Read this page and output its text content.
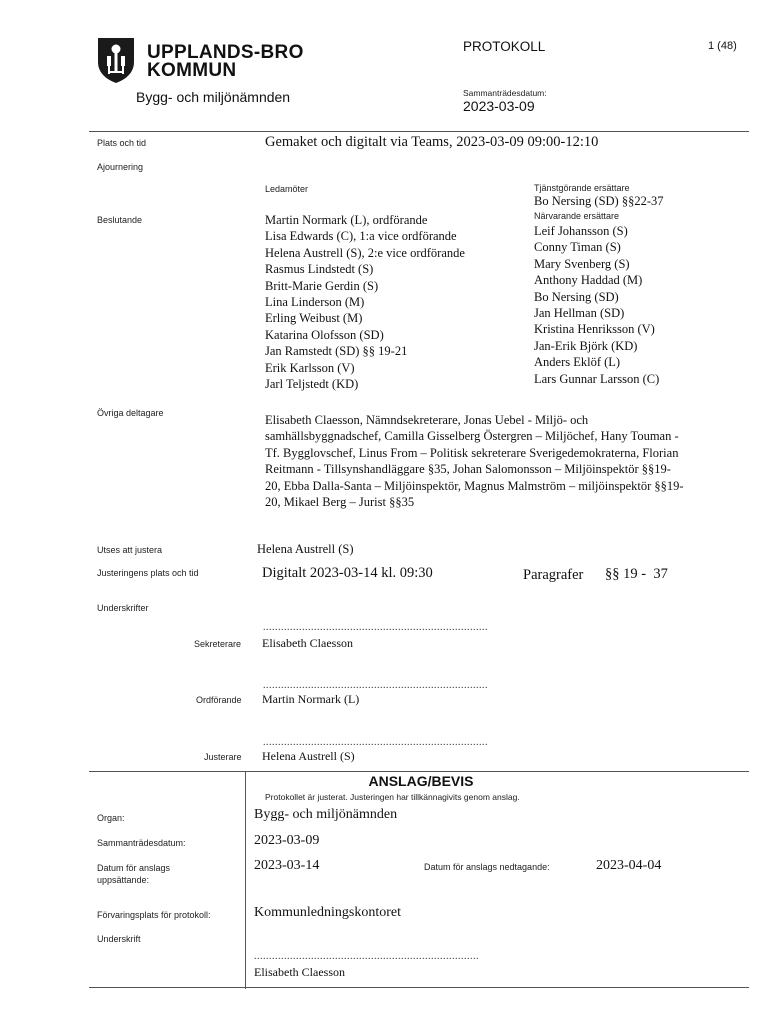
UPPLANDS-BRO
KOMMUN
Bygg- och miljönämnden
PROTOKOLL	1 (48)
Sammanträdesdatum:
2023-03-09
Plats och tid	Gemaket och digitalt via Teams, 2023-03-09 09:00-12:10
Ajournering
Ledamöter	Tjänstgörande ersättare
Bo Nersing (SD) §§22-37
Beslutande	Martin Normark (L), ordförande
Lisa Edwards (C), 1:a vice ordförande
Helena Austrell (S), 2:e vice ordförande
Rasmus Lindstedt (S)
Britt-Marie Gerdin (S)
Lina Linderson (M)
Erling Weibust (M)
Katarina Olofsson (SD)
Jan Ramstedt (SD) §§ 19-21
Erik Karlsson (V)
Jarl Teljstedt (KD)
Närvarande ersättare
Leif Johansson (S)
Conny Timan (S)
Mary Svenberg (S)
Anthony Haddad (M)
Bo Nersing (SD)
Jan Hellman (SD)
Kristina Henriksson (V)
Jan-Erik Björk (KD)
Anders Eklöf (L)
Lars Gunnar Larsson (C)
Övriga deltagare	Elisabeth Claesson, Nämndsekreterare, Jonas Uebel - Miljö- och
samhällsbyggnadschef, Camilla Gisselberg Östergren – Miljöchef, Hany Touman -
Tf. Bygglovschef, Linus From – Politisk sekreterare Sverigedemokraterna, Florian
Reitmann - Tillsynshandläggare §35, Johan Salomonsson – Miljöinspektör §§19-
20, Ebba Dalla-Santa – Miljöinspektör, Magnus Malmström – miljöinspektör §§19-
20, Mikael Berg – Jurist §§35
Utses att justera	Helena Austrell (S)
Justeringens plats och tid	Digitalt 2023-03-14 kl. 09:30	Paragrafer §§ 19 -  37
Underskrifter
...........................................................................
Sekreterare Elisabeth Claesson
...........................................................................
Ordförande Martin Normark (L)
...........................................................................
Justerare Helena Austrell (S)
ANSLAG/BEVIS
Protokollet är justerat. Justeringen har tillkännagivits genom anslag.
Organ:	Bygg- och miljönämnden
Sammanträdesdatum:	2023-03-09
Datum för anslags
uppsättande:
2023-03-14	Datum för anslags nedtagande:	2023-04-04
Förvaringsplats för protokoll:	Kommunledningskontoret
Underskrift
...........................................................................
Elisabeth Claesson
